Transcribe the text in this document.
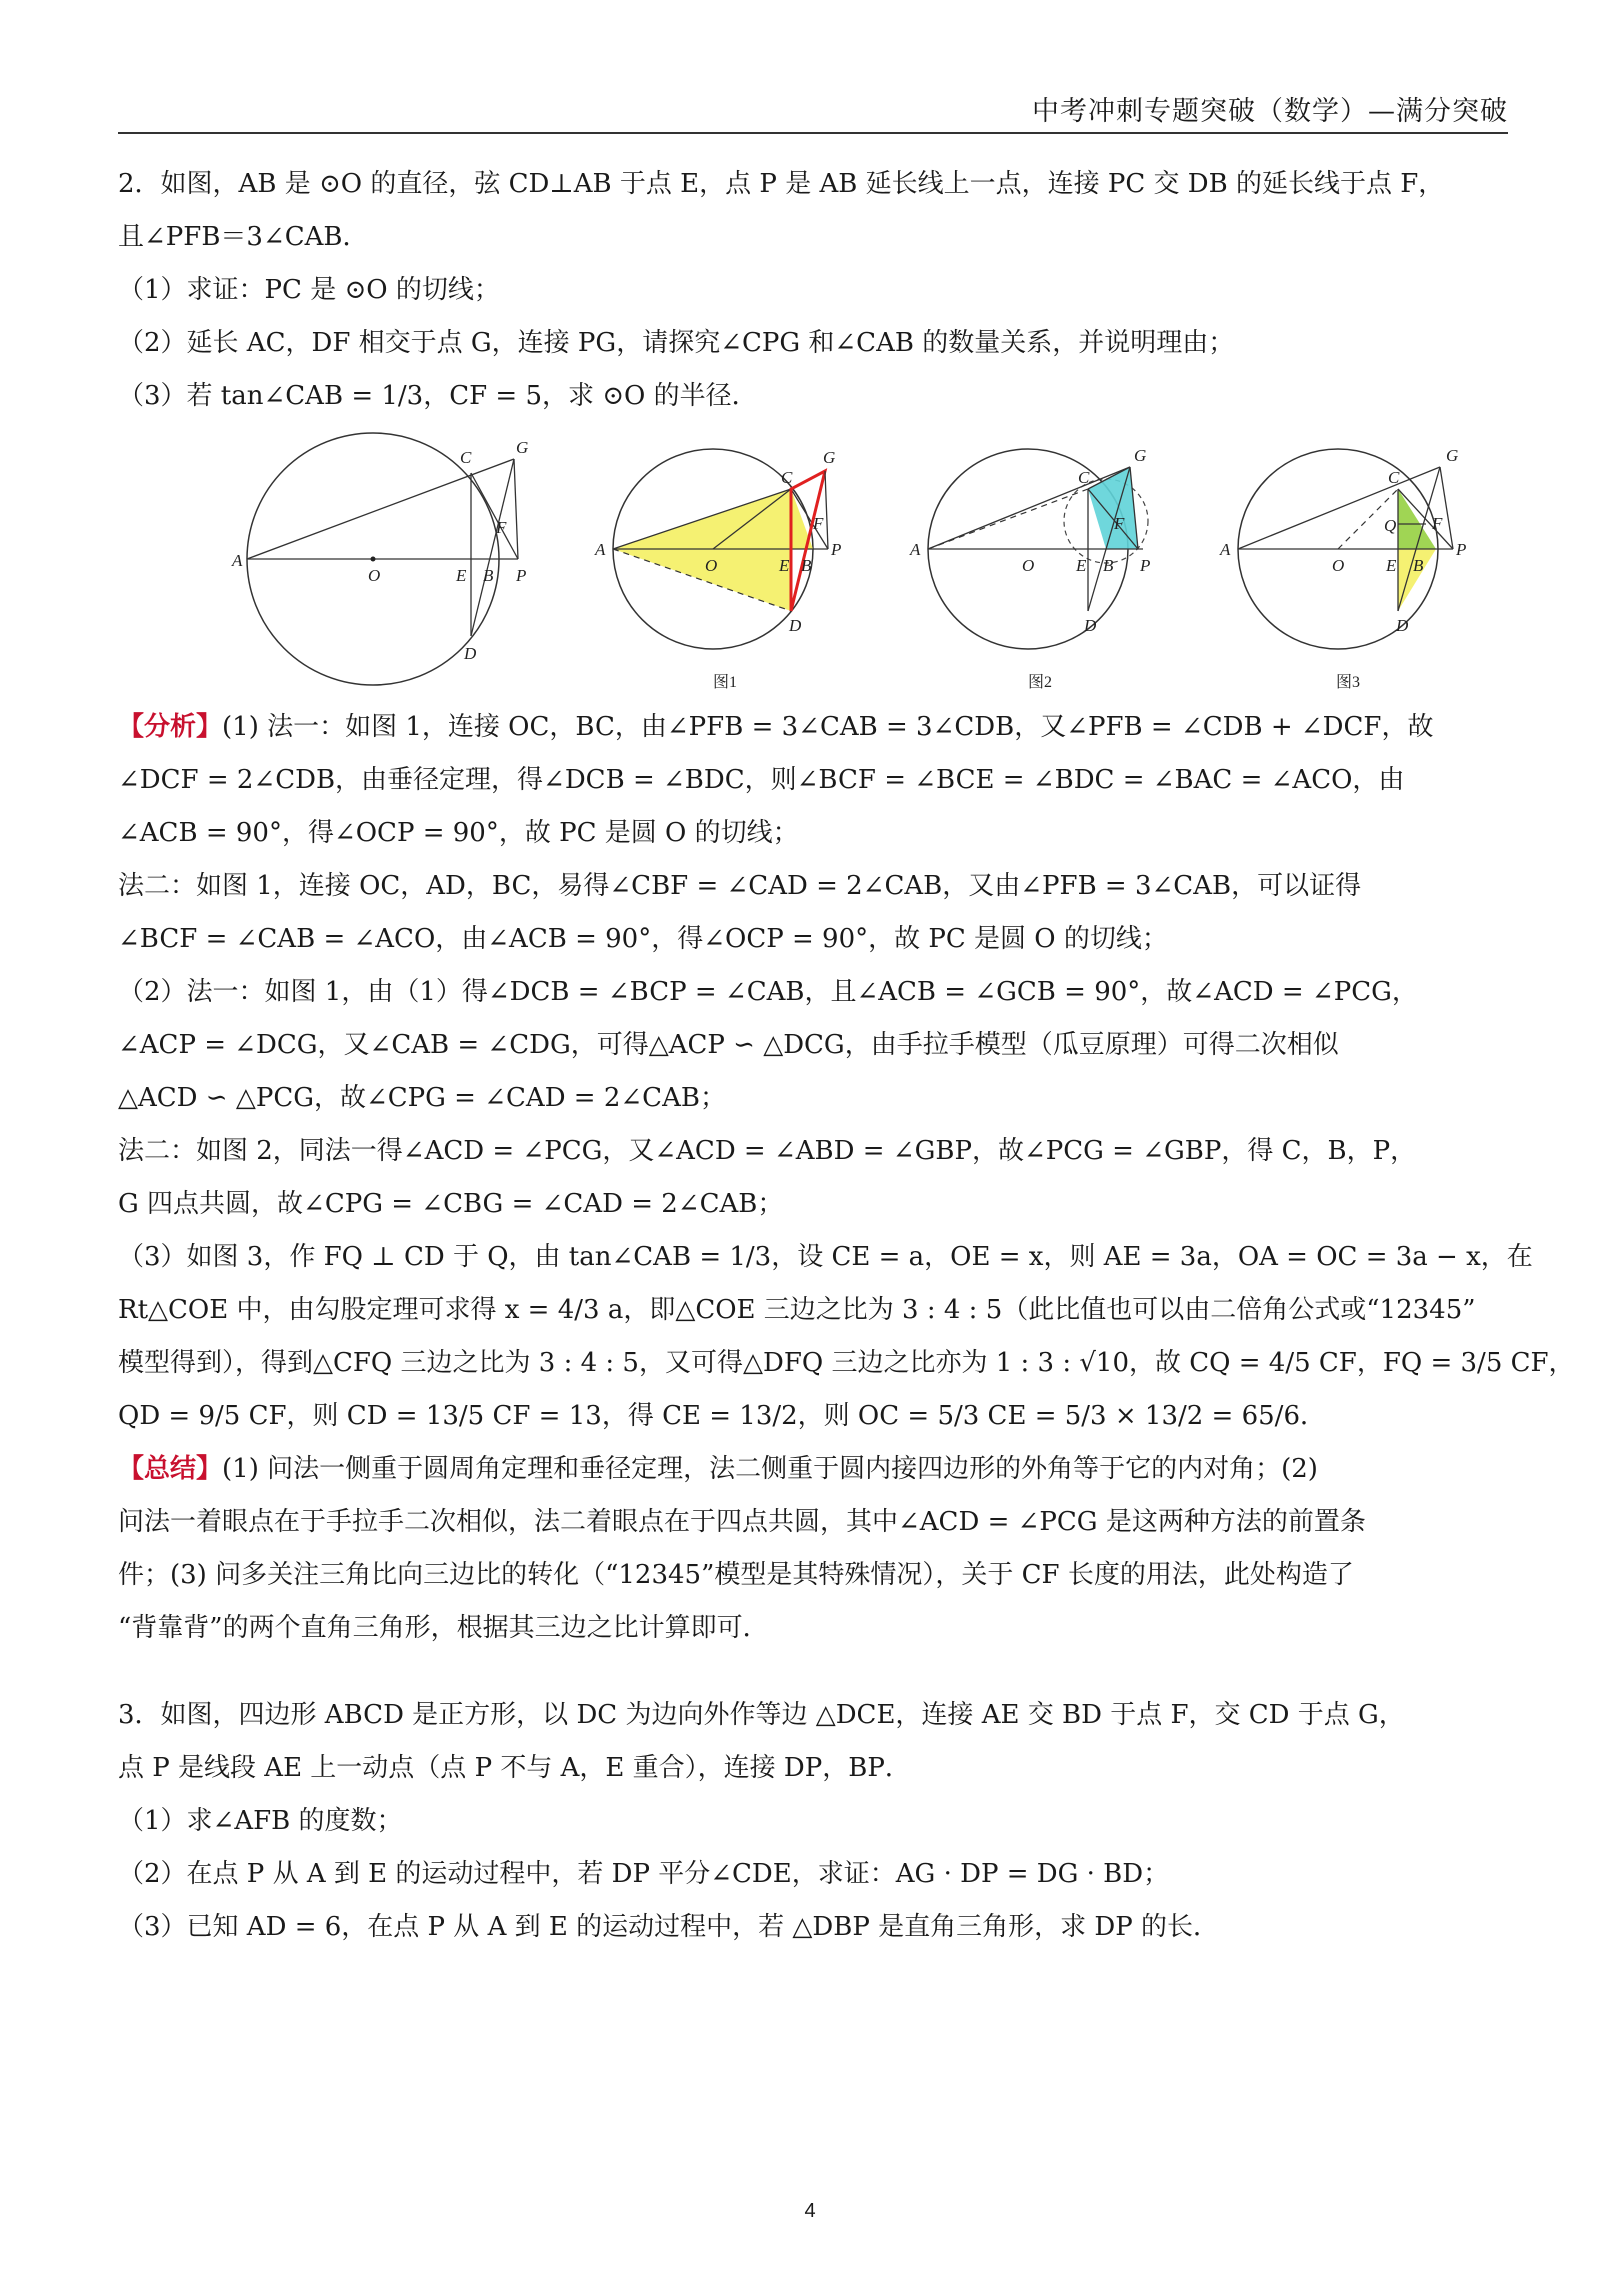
中考冲刺专题突破（数学）—满分突破
2．如图，AB 是 ⊙O 的直径，弦 CD⊥AB 于点 E，点 P 是 AB 延长线上一点，连接 PC 交 DB 的延长线于点 F，
且∠PFB＝3∠CAB．
（1）求证：PC 是 ⊙O 的切线；
（2）延长 AC，DF 相交于点 G，连接 PG，请探究∠CPG 和∠CAB 的数量关系，并说明理由；
（3）若 tan∠CAB = 1/3，CF = 5，求 ⊙O 的半径．
A
O	E B P
C
D
F
G
A
O	E B
P
C
D
F
G
图1
A
O E B P
C
D
F
G
图2
A
O E B
P
C
D
F
G
Q
图3
【分析】(1) 法一：如图 1，连接 OC，BC，由∠PFB = 3∠CAB = 3∠CDB，又∠PFB = ∠CDB + ∠DCF，故
∠DCF = 2∠CDB，由垂径定理，得∠DCB = ∠BDC，则∠BCF = ∠BCE = ∠BDC = ∠BAC = ∠ACO，由
∠ACB = 90°，得∠OCP = 90°，故 PC 是圆 O 的切线；
法二：如图 1，连接 OC，AD，BC，易得∠CBF = ∠CAD = 2∠CAB，又由∠PFB = 3∠CAB，可以证得
∠BCF = ∠CAB = ∠ACO，由∠ACB = 90°，得∠OCP = 90°，故 PC 是圆 O 的切线；
（2）法一：如图 1，由（1）得∠DCB = ∠BCP = ∠CAB，且∠ACB = ∠GCB = 90°，故∠ACD = ∠PCG，
∠ACP = ∠DCG，又∠CAB = ∠CDG，可得△ACP ∽ △DCG，由手拉手模型（瓜豆原理）可得二次相似
△ACD ∽ △PCG，故∠CPG = ∠CAD = 2∠CAB；
法二：如图 2，同法一得∠ACD = ∠PCG，又∠ACD = ∠ABD = ∠GBP，故∠PCG = ∠GBP，得 C，B，P，
G 四点共圆，故∠CPG = ∠CBG = ∠CAD = 2∠CAB；
（3）如图 3，作 FQ ⊥ CD 于 Q，由 tan∠CAB = 1/3，设 CE = a，OE = x，则 AE = 3a，OA = OC = 3a − x，在
Rt△COE 中，由勾股定理可求得 x = 4/3 a，即△COE 三边之比为 3 : 4 : 5（此比值也可以由二倍角公式或“12345”
模型得到），得到△CFQ 三边之比为 3 : 4 : 5，又可得△DFQ 三边之比亦为 1 : 3 : √10，故 CQ = 4/5 CF，FQ = 3/5 CF，
QD = 9/5 CF，则 CD = 13/5 CF = 13，得 CE = 13/2，则 OC = 5/3 CE = 5/3 × 13/2 = 65/6．
【总结】(1) 问法一侧重于圆周角定理和垂径定理，法二侧重于圆内接四边形的外角等于它的内对角；(2)
问法一着眼点在于手拉手二次相似，法二着眼点在于四点共圆，其中∠ACD = ∠PCG 是这两种方法的前置条
件；(3) 问多关注三角比向三边比的转化（“12345”模型是其特殊情况），关于 CF 长度的用法，此处构造了
“背靠背”的两个直角三角形，根据其三边之比计算即可．
3．如图，四边形 ABCD 是正方形，以 DC 为边向外作等边 △DCE，连接 AE 交 BD 于点 F，交 CD 于点 G，
点 P 是线段 AE 上一动点（点 P 不与 A，E 重合），连接 DP，BP．
（1）求∠AFB 的度数；
（2）在点 P 从 A 到 E 的运动过程中，若 DP 平分∠CDE，求证：AG · DP = DG · BD；
（3）已知 AD = 6，在点 P 从 A 到 E 的运动过程中，若 △DBP 是直角三角形，求 DP 的长．
4
